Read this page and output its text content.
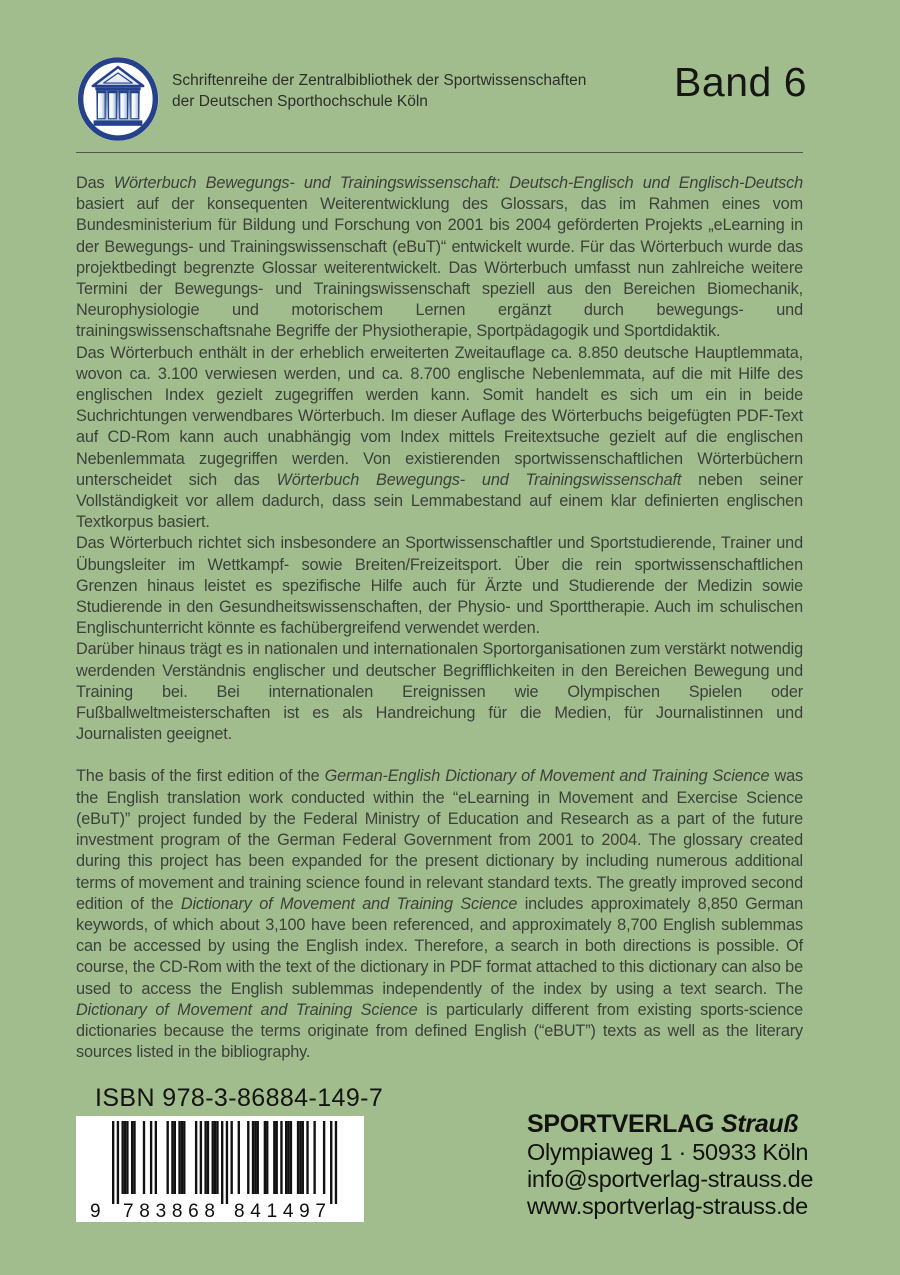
Schriftenreihe der Zentralbibliothek der Sportwissenschaften
der Deutschen Sporthochschule Köln	Band 6

Das Wörterbuch Bewegungs- und Trainingswissenschaft: Deutsch-Englisch und Englisch-Deutsch basiert auf der konsequenten Weiterentwicklung des Glossars, das im Rahmen eines vom Bundesministerium für Bildung und Forschung von 2001 bis 2004 geförderten Projekts „eLearning in der Bewegungs- und Trainingswissenschaft (eBuT)“ entwickelt wurde. Für das Wörterbuch wurde das projektbedingt begrenzte Glossar weiterentwickelt. Das Wörterbuch umfasst nun zahlreiche weitere Termini der Bewegungs- und Trainingswissenschaft speziell aus den Bereichen Biomechanik, Neurophysiologie und motorischem Lernen ergänzt durch bewegungs- und trainingswissenschaftsnahe Begriffe der Physiotherapie, Sportpädagogik und Sportdidaktik.

Das Wörterbuch enthält in der erheblich erweiterten Zweitauflage ca. 8.850 deutsche Hauptlemmata, wovon ca. 3.100 verwiesen werden, und ca. 8.700 englische Nebenlemmata, auf die mit Hilfe des englischen Index gezielt zugegriffen werden kann. Somit handelt es sich um ein in beide Suchrichtungen verwendbares Wörterbuch. Im dieser Auflage des Wörterbuchs beigefügten PDF-Text auf CD-Rom kann auch unabhängig vom Index mittels Freitextsuche gezielt auf die englischen Nebenlemmata zugegriffen werden. Von existierenden sportwissenschaftlichen Wörterbüchern unterscheidet sich das Wörterbuch Bewegungs- und Trainingswissenschaft neben seiner Vollständigkeit vor allem dadurch, dass sein Lemmabestand auf einem klar definierten englischen Textkorpus basiert.

Das Wörterbuch richtet sich insbesondere an Sportwissenschaftler und Sportstudierende, Trainer und Übungsleiter im Wettkampf- sowie Breiten/Freizeitsport. Über die rein sportwissenschaftlichen Grenzen hinaus leistet es spezifische Hilfe auch für Ärzte und Studierende der Medizin sowie Studierende in den Gesundheitswissenschaften, der Physio- und Sporttherapie. Auch im schulischen Englischunterricht könnte es fachübergreifend verwendet werden.

Darüber hinaus trägt es in nationalen und internationalen Sportorganisationen zum verstärkt notwendig werdenden Verständnis englischer und deutscher Begrifflichkeiten in den Bereichen Bewegung und Training bei. Bei internationalen Ereignissen wie Olympischen Spielen oder Fußballweltmeisterschaften ist es als Handreichung für die Medien, für Journalistinnen und Journalisten geeignet.

The basis of the first edition of the German-English Dictionary of Movement and Training Science was the English translation work conducted within the “eLearning in Movement and Exercise Science (eBuT)” project funded by the Federal Ministry of Education and Research as a part of the future investment program of the German Federal Government from 2001 to 2004. The glossary created during this project has been expanded for the present dictionary by including numerous additional terms of movement and training science found in relevant standard texts. The greatly improved second edition of the Dictionary of Movement and Training Science includes approximately 8,850 German keywords, of which about 3,100 have been referenced, and approximately 8,700 English sublemmas can be accessed by using the English index. Therefore, a search in both directions is possible. Of course, the CD-Rom with the text of the dictionary in PDF format attached to this dictionary can also be used to access the English sublemmas independently of the index by using a text search. The Dictionary of Movement and Training Science is particularly different from existing sports-science dictionaries because the terms originate from defined English (“eBUT”) texts as well as the literary sources listed in the bibliography.

ISBN 978-3-86884-149-7
9 783868 841497
SPORTVERLAG Strauß
Olympiaweg 1 · 50933 Köln
info@sportverlag-strauss.de
www.sportverlag-strauss.de
